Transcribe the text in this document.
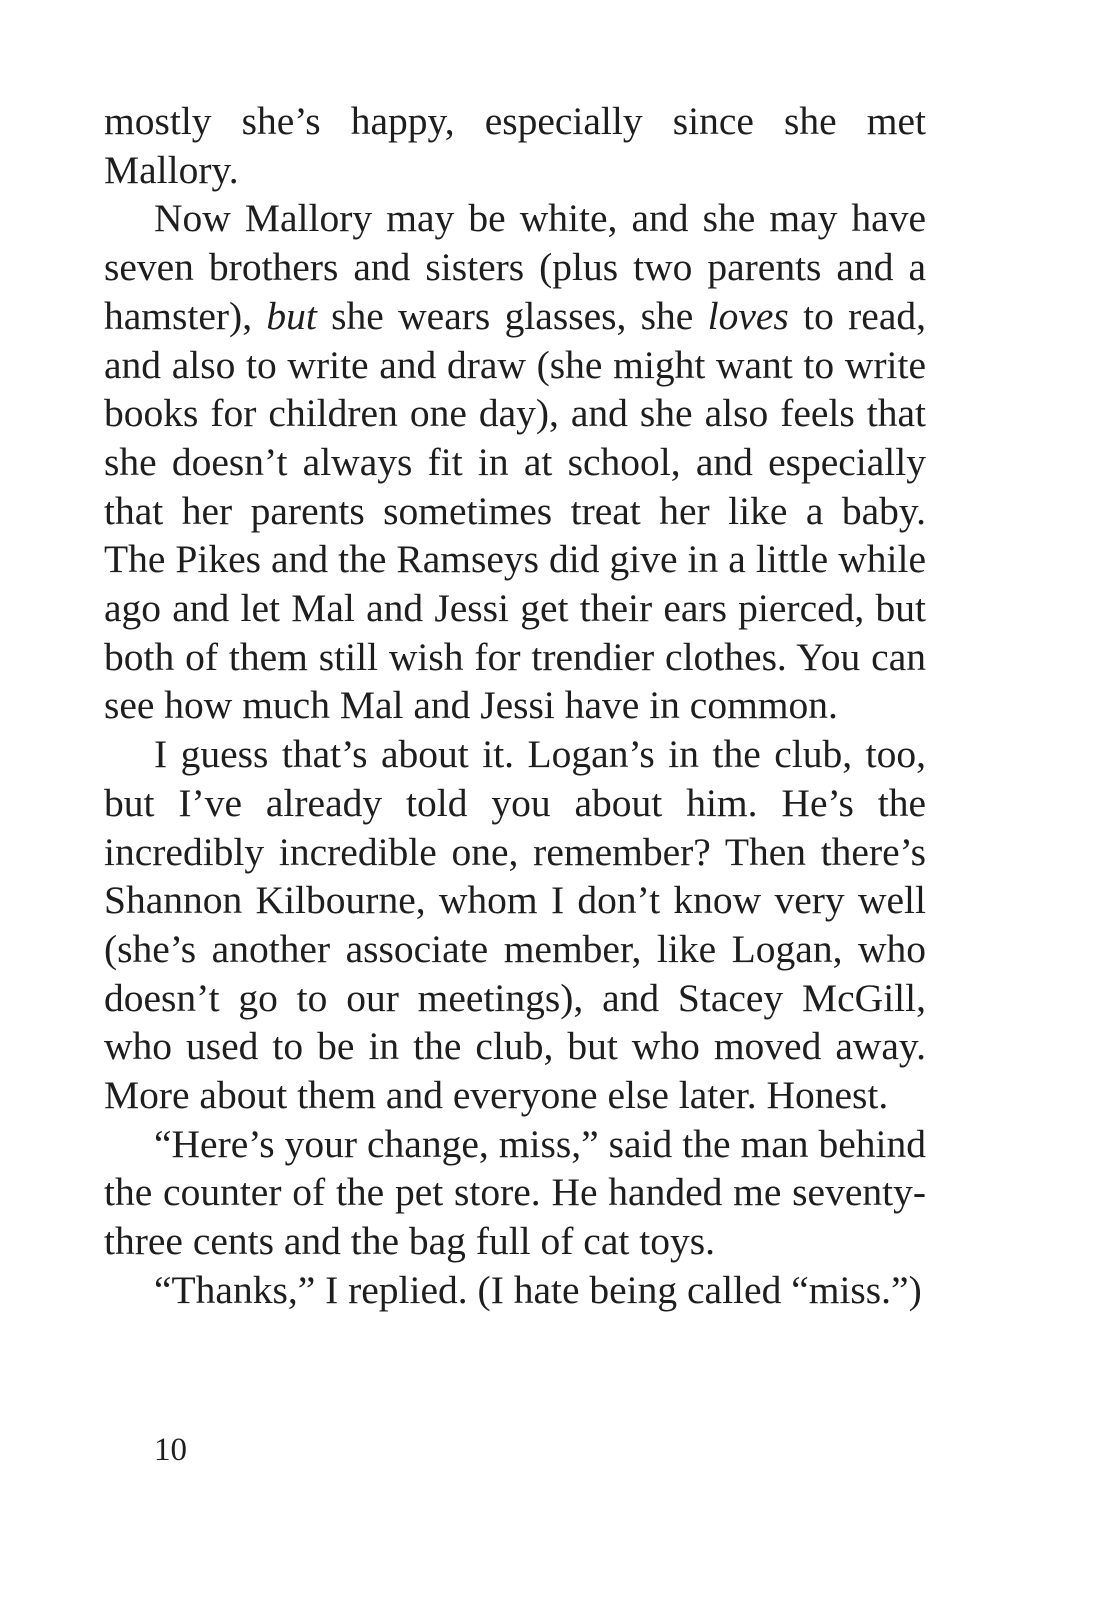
mostly she’s happy, especially since she met Mallory.

Now Mallory may be white, and she may have seven brothers and sisters (plus two parents and a hamster), but she wears glasses, she loves to read, and also to write and draw (she might want to write books for children one day), and she also feels that she doesn’t always fit in at school, and especially that her parents sometimes treat her like a baby. The Pikes and the Ramseys did give in a little while ago and let Mal and Jessi get their ears pierced, but both of them still wish for trendier clothes. You can see how much Mal and Jessi have in common.

I guess that’s about it. Logan’s in the club, too, but I’ve already told you about him. He’s the incredibly incredible one, remember? Then there’s Shannon Kilbourne, whom I don’t know very well (she’s another associate member, like Logan, who doesn’t go to our meetings), and Stacey McGill, who used to be in the club, but who moved away. More about them and everyone else later. Honest.

“Here’s your change, miss,” said the man behind the counter of the pet store. He handed me seventy-three cents and the bag full of cat toys.

“Thanks,” I replied. (I hate being called “miss.”)

10
